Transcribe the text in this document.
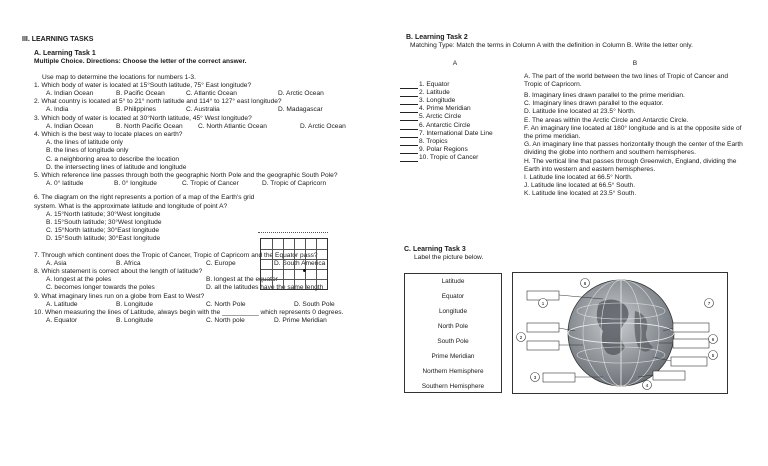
III. LEARNING TASKS
A. Learning Task 1
Multiple Choice. Directions: Choose the letter of the correct answer.
Use map to determine the locations for numbers 1-3.
1. Which body of water is located at 15°South latitude, 75° East longitude?
A. Indian Ocean	B. Pacific Ocean	C. Atlantic Ocean	D. Arctic Ocean
2. What country is located at 5° to 21° north latitude and 114° to 127° east longitude?
A. India	B. Philippines	C. Australia	D. Madagascar
3. Which body of water is located at 30°North latitude, 45° West longitude?
A. Indian Ocean	B. North Pacific Ocean	C. North Atlantic Ocean	D. Arctic Ocean
4. Which is the best way to locate places on earth?
A. the lines of latitude only
B. the lines of longitude only
C. a neighboring area to describe the location
D. the intersecting lines of latitude and longitude
5. Which reference line passes through both the geographic North Pole and the geographic South Pole?
A. 0° latitude	B. 0° longitude	C. Tropic of Cancer	D. Tropic of Capricorn
6. The diagram on the right represents a portion of a map of the Earth's grid system. What is the approximate latitude and longitude of point A?
A. 15°North latitude; 30°West longitude
B. 15°South latitude; 30°West longitude
C. 15°North latitude; 30°East longitude
D. 15°South latitude; 30°East longitude
7. Through which continent does the Tropic of Cancer, Tropic of Capricorn and the Equator pass?
A. Asia	B. Africa	C. Europe	D. South America
8. Which statement is correct about the length of latitude?
A. longest at the poles	B. longest at the equator
C. becomes longer towards the poles	D. all the latitudes have the same length
9. What imaginary lines run on a globe from East to West?
A. Latitude	B. Longitude	C. North Pole	D. South Pole
10. When measuring the lines of Latitude, always begin with the __________ which represents 0 degrees.
A. Equator	B. Longitude	C. North pole	D. Prime Meridian
B. Learning Task 2
Matching Type: Match the terms in Column A with the definition in Column B. Write the letter only.
A
1. Equator
2. Latitude
3. Longitude
4. Prime Meridian
5. Arctic Circle
6. Antarctic Circle
7. International Date Line
8. Tropics
9. Polar Regions
10. Tropic of Cancer
B
A. The part of the world between the two lines of Tropic of Cancer and Tropic of Capricorn.
B. Imaginary lines drawn parallel to the prime meridian.
C. Imaginary lines drawn parallel to the equator.
D. Latitude line located at 23.5° North.
E. The areas within the Arctic Circle and Antarctic Circle.
F. An imaginary line located at 180° longitude and is at the opposite side of the prime meridian.
G. An imaginary line that passes horizontally though the center of the Earth dividing the globe into northern and southern hemispheres.
H. The vertical line that passes through Greenwich, England, dividing the Earth into western and eastern hemispheres.
I. Latitude line located at 66.5° North.
J. Latitude line located at 66.5° South.
K. Latitude line located at 23.5° South.
C. Learning Task 3
Label the picture below.
Latitude
Equator
Longitude
North Pole
South Pole
Prime Meridian
Northern Hemisphere
Southern Hemisphere
8
1
2
3
4
5
6
7
